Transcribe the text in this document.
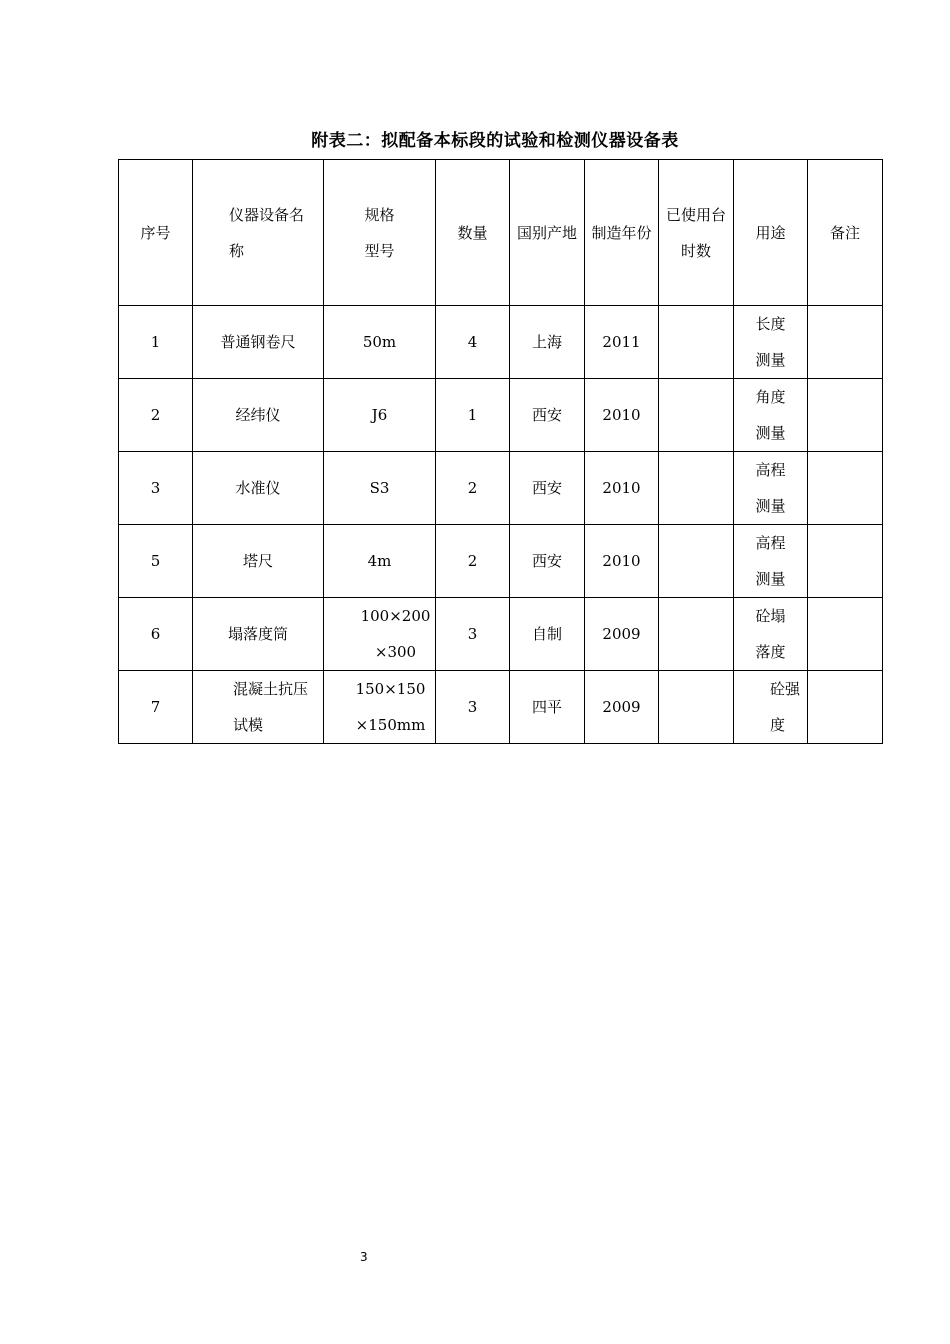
附表二：拟配备本标段的试验和检测仪器设备表
序号	仪器设备名称	规格型号	数量	国别产地	制造年份	已使用台时数	用途	备注
1	普通钢卷尺	50m	4	上海	2011		长度测量	
2	经纬仪	J6	1	西安	2010		角度测量	
3	水准仪	S3	2	西安	2010		高程测量	
5	塔尺	4m	2	西安	2010		高程测量	
6	塌落度筒	100×200×300	3	自制	2009		砼塌落度	
7	混凝土抗压试模	150×150×150mm	3	四平	2009		砼强度	
3
